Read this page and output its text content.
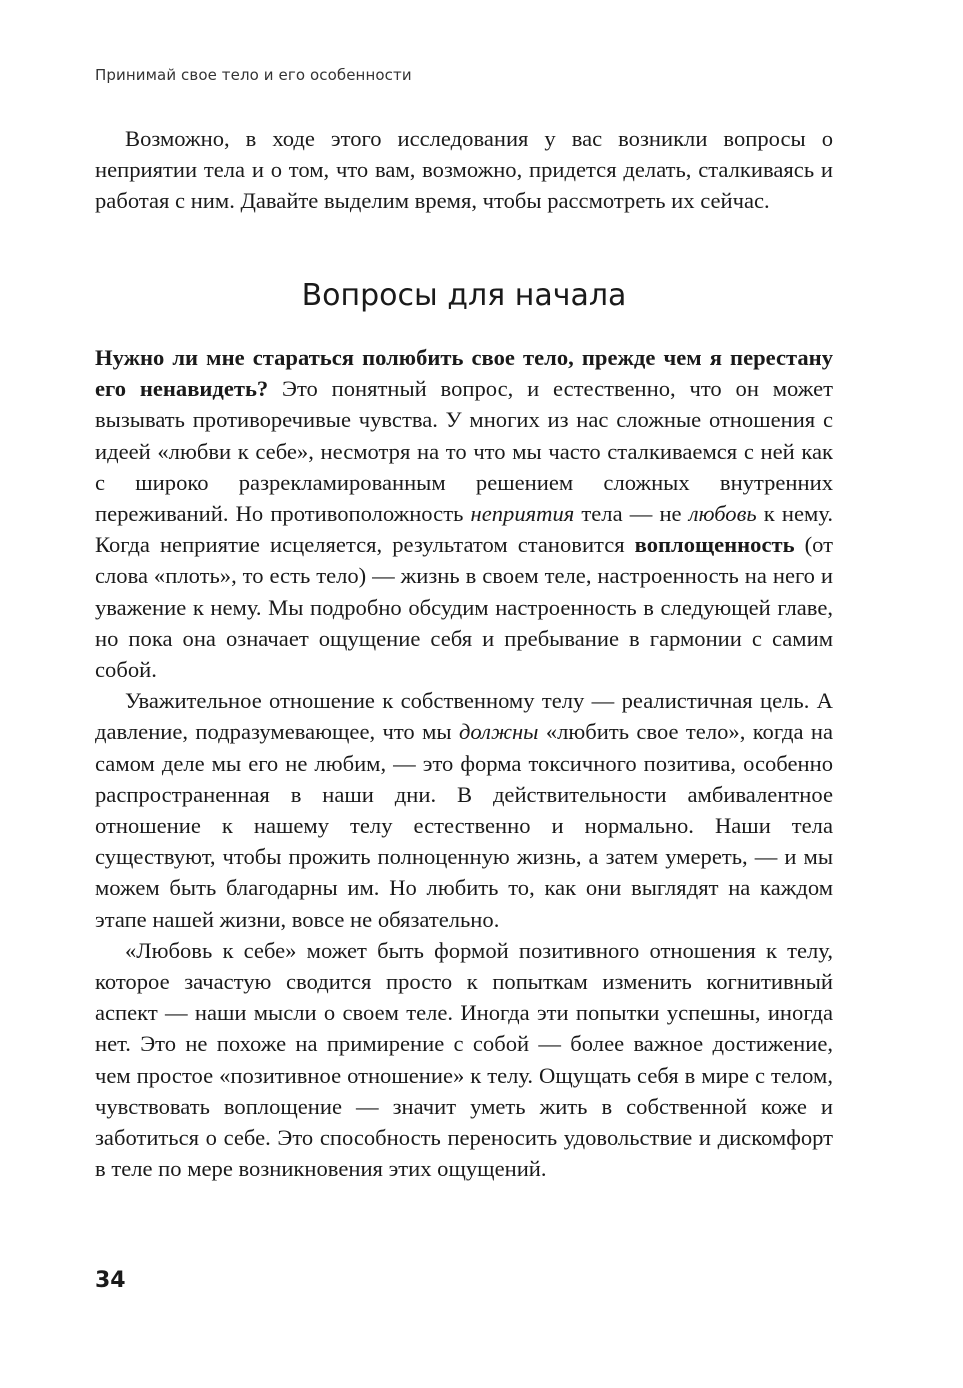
Принимай свое тело и его особенности

Возможно, в ходе этого исследования у вас возникли вопросы о неприятии тела и о том, что вам, возможно, придется делать, сталкиваясь и работая с ним. Давайте выделим время, чтобы рассмотреть их сейчас.

Вопросы для начала

Нужно ли мне стараться полюбить свое тело, прежде чем я перестану его ненавидеть? Это понятный вопрос, и естественно, что он может вызывать противоречивые чувства. У многих из нас сложные отношения с идеей «любви к себе», несмотря на то что мы часто сталкиваемся с ней как с широко разрекламированным решением сложных внутренних переживаний. Но противоположность неприятия тела — не любовь к нему. Когда неприятие исцеляется, результатом становится воплощенность (от слова «плоть», то есть тело) — жизнь в своем теле, настроенность на него и уважение к нему. Мы подробно обсудим настроенность в следующей главе, но пока она означает ощущение себя и пребывание в гармонии с самим собой.

Уважительное отношение к собственному телу — реалистичная цель. А давление, подразумевающее, что мы должны «любить свое тело», когда на самом деле мы его не любим, — это форма токсичного позитива, особенно распространенная в наши дни. В действительности амбивалентное отношение к нашему телу естественно и нормально. Наши тела существуют, чтобы прожить полноценную жизнь, а затем умереть, — и мы можем быть благодарны им. Но любить то, как они выглядят на каждом этапе нашей жизни, вовсе не обязательно.

«Любовь к себе» может быть формой позитивного отношения к телу, которое зачастую сводится просто к попыткам изменить когнитивный аспект — наши мысли о своем теле. Иногда эти попытки успешны, иногда нет. Это не похоже на примирение с собой — более важное достижение, чем простое «позитивное отношение» к телу. Ощущать себя в мире с телом, чувствовать воплощение — значит уметь жить в собственной коже и заботиться о себе. Это способность переносить удовольствие и дискомфорт в теле по мере возникновения этих ощущений.

34
